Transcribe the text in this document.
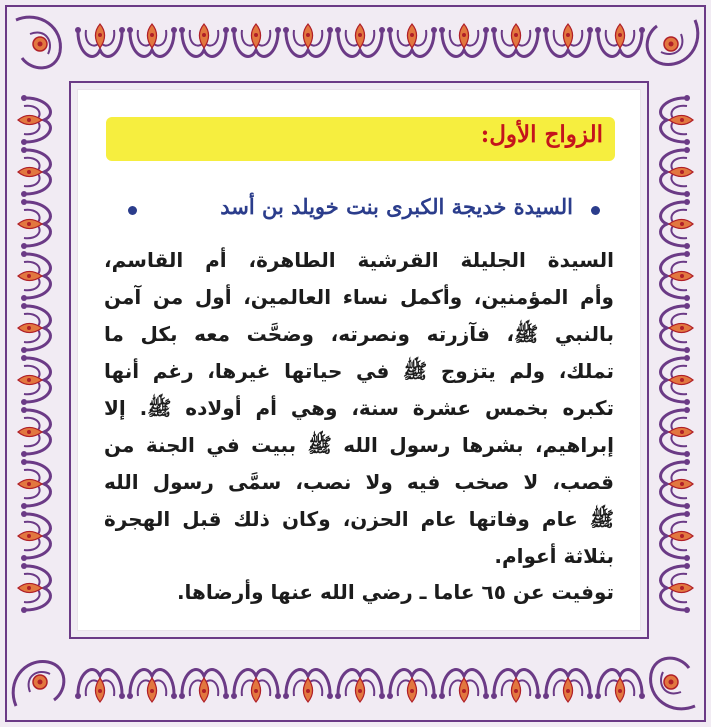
الزواج الأول:
السيدة خديجة الكبرى بنت خويلد بن أسد
السيدة الجليلة القرشية الطاهرة، أم القاسم،
وأم المؤمنين، وأكمل نساء العالمين، أول من آمن
بالنبي ﷺ، فآزرته ونصرته، وضحَّت معه بكل ما
تملك، ولم يتزوج ﷺ في حياتها غيرها، رغم أنها
تكبره بخمس عشرة سنة، وهي أم أولاده ﷺ. إلا
إبراهيم، بشرها رسول الله ﷺ ببيت في الجنة من
قصب، لا صخب فيه ولا نصب، سمَّى رسول الله
ﷺ عام وفاتها عام الحزن، وكان ذلك قبل الهجرة
بثلاثة أعوام.
توفيت عن ٦٥ عاما ـ رضي الله عنها وأرضاها.
